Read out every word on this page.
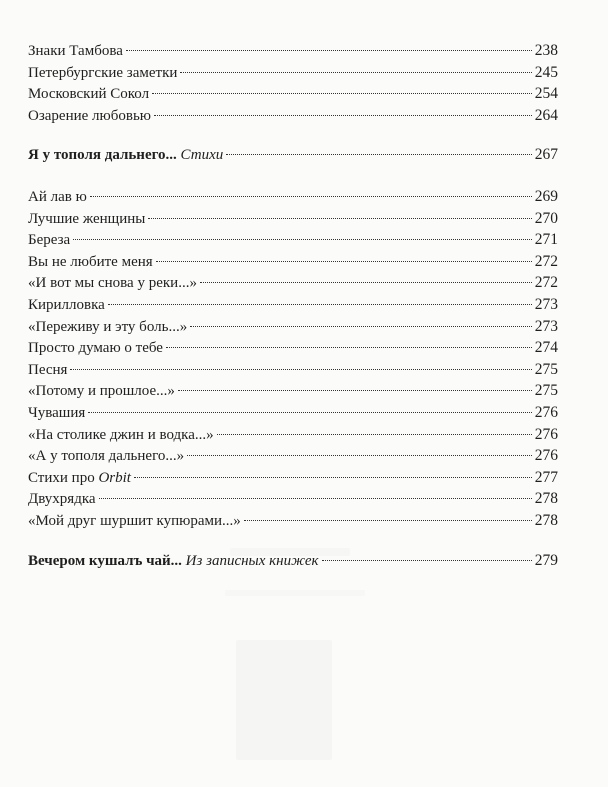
Знаки Тамбова	238
Петербургские заметки	245
Московский Сокол	254
Озарение любовью	264
Я у тополя дальнего... Стихи	267
Ай лав ю	269
Лучшие женщины	270
Береза	271
Вы не любите меня	272
«И вот мы снова у реки...»	272
Кирилловка	273
«Переживу и эту боль...»	273
Просто думаю о тебе	274
Песня	275
«Потому и прошлое...»	275
Чувашия	276
«На столике джин и водка...»	276
«А у тополя дальнего...»	276
Стихи про Orbit	277
Двухрядка	278
«Мой друг шуршит купюрами...»	278
Вечером кушалъ чай... Из записных книжек	279
